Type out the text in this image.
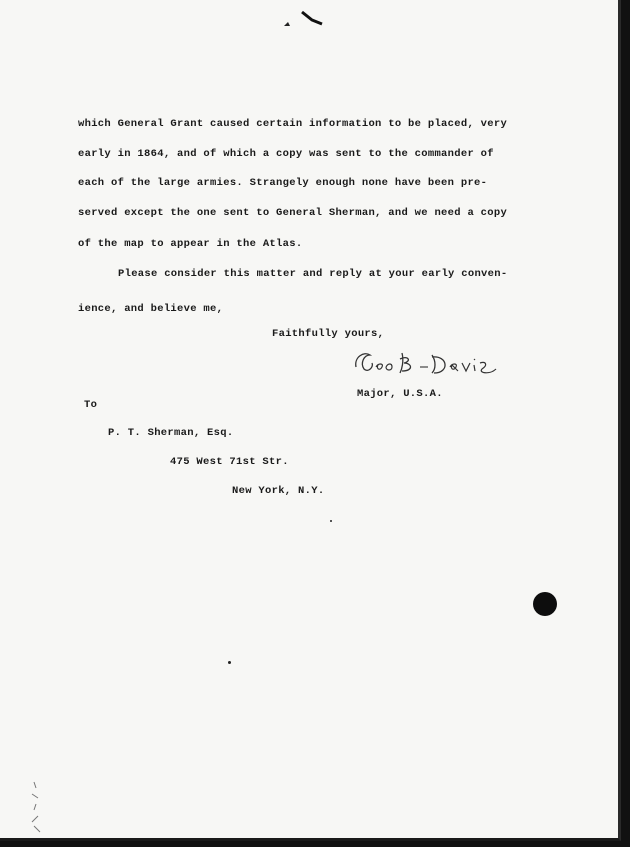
which General Grant caused certain information to be placed, very
early in 1864, and of which a copy was sent to the commander of
each of the large armies. Strangely enough none have been pre-
served except the one sent to General Sherman, and we need a copy
of the map to appear in the Atlas.
Please consider this matter and reply at your early conven-
ience, and believe me,
Faithfully yours,
Major, U.S.A.
To
P. T. Sherman, Esq.
475 West 71st Str.
New York, N.Y.
